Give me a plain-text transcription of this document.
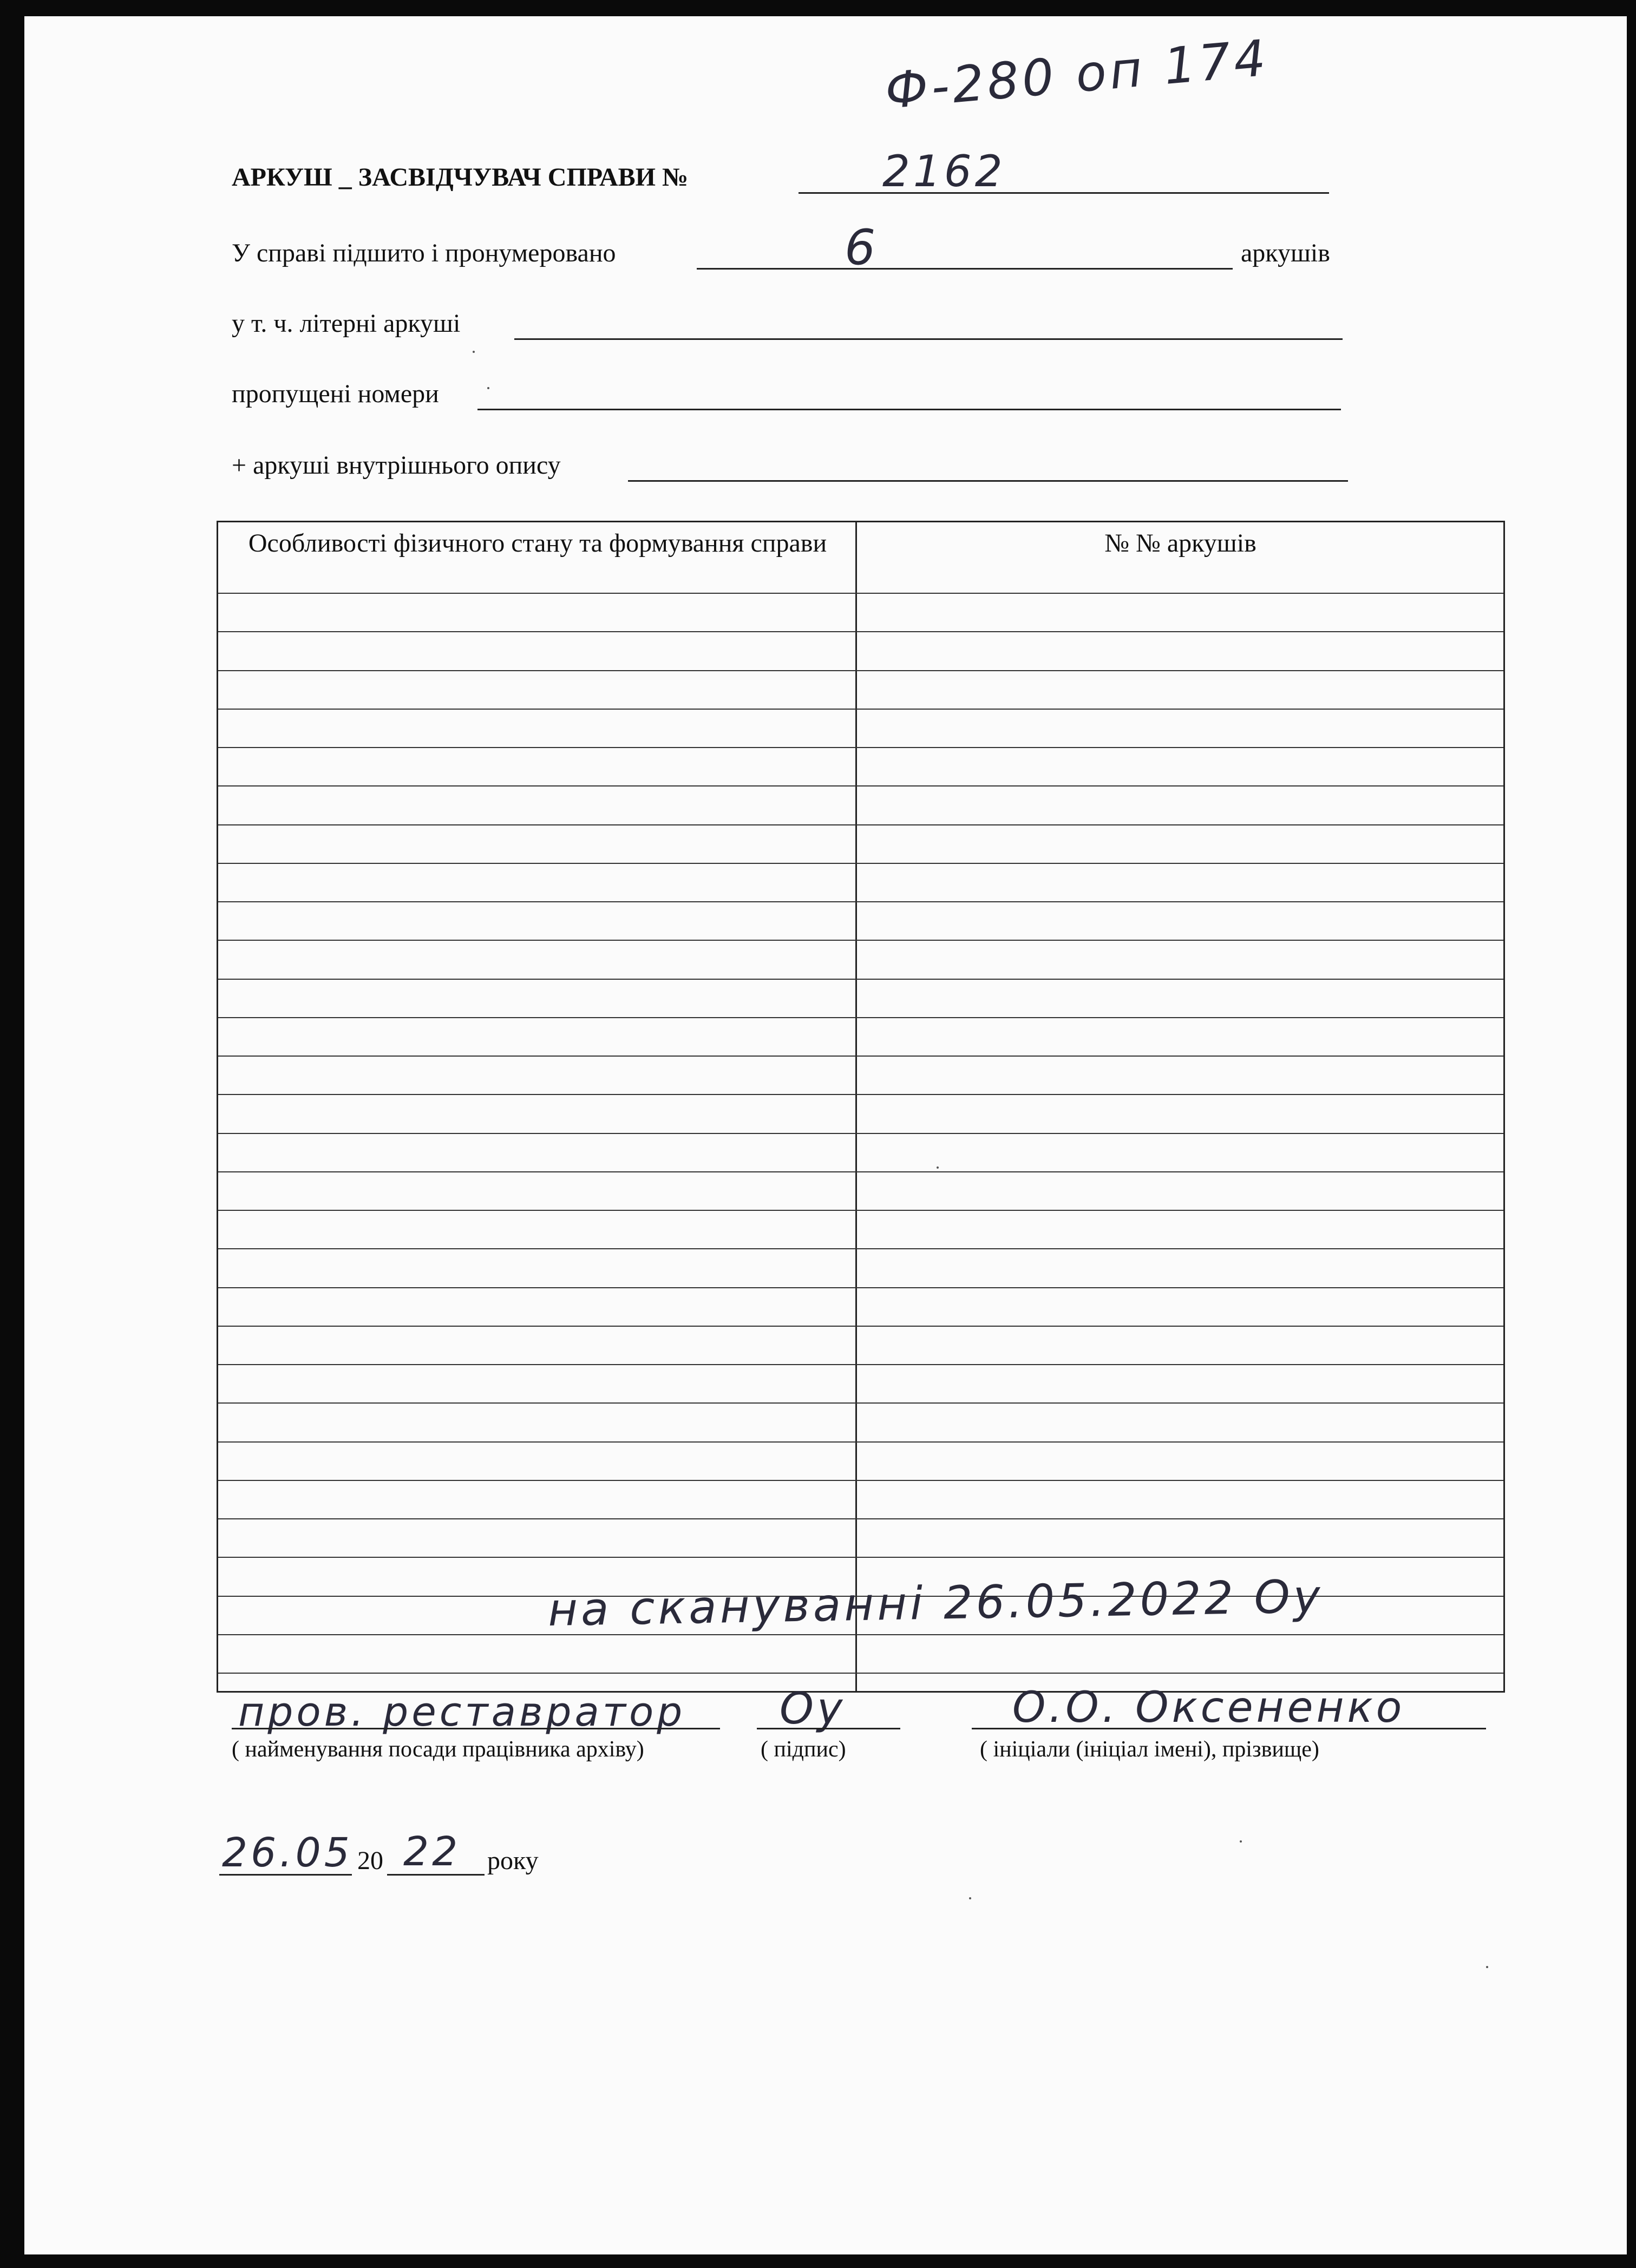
Ф-280 оп 174
АРКУШ _ ЗАСВІДЧУВАЧ СПРАВИ №	2162
У справі підшито і пронумеровано	6	аркушів
у т. ч. літерні аркуші
пропущені номери
+ аркуші внутрішнього опису
Особливості фізичного стану та формування справи	№ № аркушів
на скануванні 26.05.2022 Оу
пров. реставратор
( найменування посади працівника архіву)
Оу
( підпис)
О.О. Оксененко
( ініціали (ініціал імені), прізвище)
26.05 20 22 року
